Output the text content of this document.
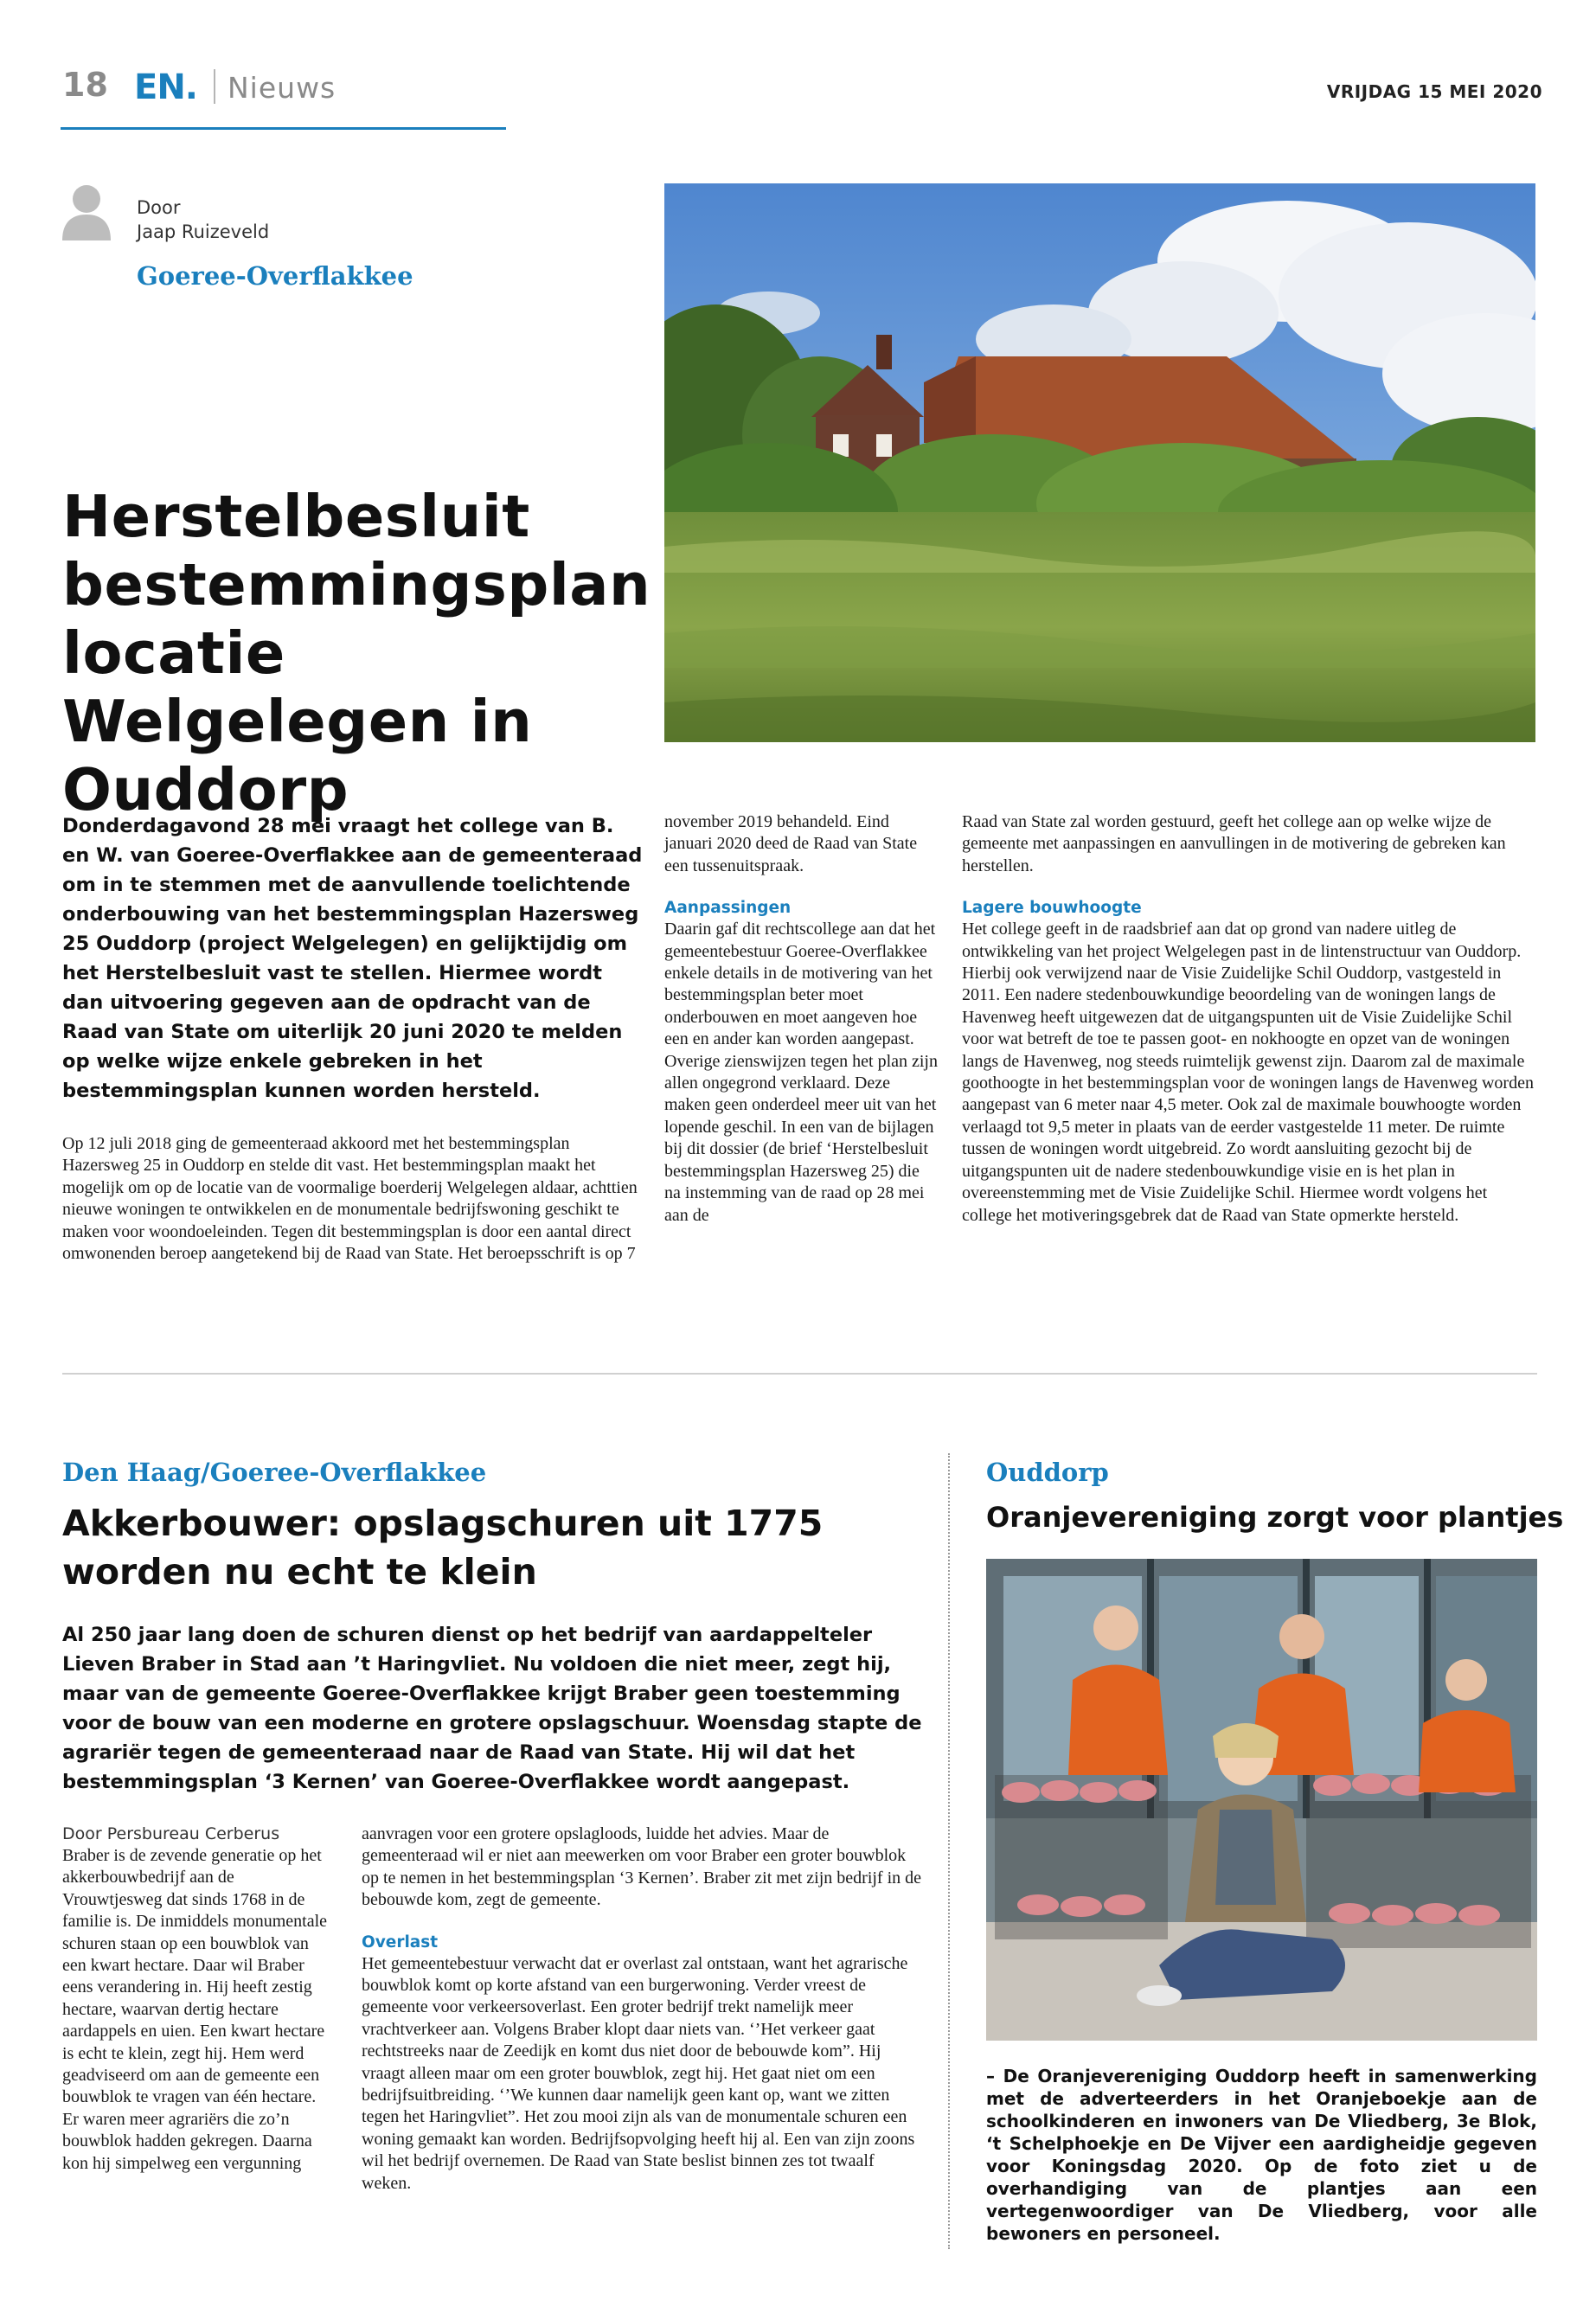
18 EN. Nieuws	VRIJDAG 15 MEI 2020
Door
Jaap Ruizeveld
Goeree-Overflakkee
Herstelbesluit bestemmingsplan locatie Welgelegen in Ouddorp
Donderdagavond 28 mei vraagt het college van B. en W. van Goeree-Overflakkee aan de gemeenteraad om in te stemmen met de aanvullende toelichtende onderbouwing van het bestemmingsplan Hazersweg 25 Ouddorp (project Welgelegen) en gelijktijdig om het Herstelbesluit vast te stellen. Hiermee wordt dan uitvoering gegeven aan de opdracht van de Raad van State om uiterlijk 20 juni 2020 te melden op welke wijze enkele gebreken in het bestemmingsplan kunnen worden hersteld.

Op 12 juli 2018 ging de gemeenteraad akkoord met het bestemmingsplan Hazersweg 25 in Ouddorp en stelde dit vast. Het bestemmingsplan maakt het mogelijk om op de locatie van de voormalige boerderij Welgelegen aldaar, achttien nieuwe woningen te ontwikkelen en de monumentale bedrijfswoning geschikt te maken voor woondoeleinden. Tegen dit bestemmingsplan is door een aantal direct omwonenden beroep aangetekend bij de Raad van State. Het beroepsschrift is op 7

november 2019 behandeld. Eind januari 2020 deed de Raad van State een tussenuitspraak.

Aanpassingen

Daarin gaf dit rechtscollege aan dat het gemeentebestuur Goeree-Overflakkee enkele details in de motivering van het bestemmingsplan beter moet onderbouwen en moet aangeven hoe een en ander kan worden aangepast. Overige zienswijzen tegen het plan zijn allen ongegrond verklaard. Deze maken geen onderdeel meer uit van het lopende geschil. In een van de bijlagen bij dit dossier (de brief ‘Herstelbesluit bestemmingsplan Hazersweg 25) die na instemming van de raad op 28 mei aan de

Raad van State zal worden gestuurd, geeft het college aan op welke wijze de gemeente met aanpassingen en aanvullingen in de motivering de gebreken kan herstellen.

Lagere bouwhoogte

Het college geeft in de raadsbrief aan dat op grond van nadere uitleg de ontwikkeling van het project Welgelegen past in de lintenstructuur van Ouddorp. Hierbij ook verwijzend naar de Visie Zuidelijke Schil Ouddorp, vastgesteld in 2011. Een nadere stedenbouwkundige beoordeling van de woningen langs de Havenweg heeft uitgewezen dat de uitgangspunten uit de Visie Zuidelijke Schil voor wat betreft de toe te passen goot- en nokhoogte en opzet van de woningen langs de Havenweg, nog steeds ruimtelijk gewenst zijn. Daarom zal de maximale goothoogte in het bestemmingsplan voor de woningen langs de Havenweg worden aangepast van 6 meter naar 4,5 meter. Ook zal de maximale bouwhoogte worden verlaagd tot 9,5 meter in plaats van de eerder vastgestelde 11 meter. De ruimte tussen de woningen wordt uitgebreid. Zo wordt aansluiting gezocht bij de uitgangspunten uit de nadere stedenbouwkundige visie en is het plan in overeenstemming met de Visie Zuidelijke Schil. Hiermee wordt volgens het college het motiveringsgebrek dat de Raad van State opmerkte hersteld.

Den Haag/Goeree-Overflakkee
Akkerbouwer: opslagschuren uit 1775 worden nu echt te klein
Al 250 jaar lang doen de schuren dienst op het bedrijf van aardappelteler Lieven Braber in Stad aan ’t Haringvliet. Nu voldoen die niet meer, zegt hij, maar van de gemeente Goeree-Overflakkee krijgt Braber geen toestemming voor de bouw van een moderne en grotere opslagschuur. Woensdag stapte de agrariër tegen de gemeenteraad naar de Raad van State. Hij wil dat het bestemmingsplan ‘3 Kernen’ van Goeree-Overflakkee wordt aangepast.
Door Persbureau Cerberus

Braber is de zevende generatie op het akkerbouwbedrijf aan de Vrouwtjesweg dat sinds 1768 in de familie is. De inmiddels monumentale schuren staan op een bouwblok van een kwart hectare. Daar wil Braber eens verandering in. Hij heeft zestig hectare, waarvan dertig hectare aardappels en uien. Een kwart hectare is echt te klein, zegt hij. Hem werd geadviseerd om aan de gemeente een bouwblok te vragen van één hectare. Er waren meer agrariërs die zo’n bouwblok hadden gekregen. Daarna kon hij simpelweg een vergunning

aanvragen voor een grotere opslagloods, luidde het advies. Maar de gemeenteraad wil er niet aan meewerken om voor Braber een groter bouwblok op te nemen in het bestemmingsplan ‘3 Kernen’. Braber zit met zijn bedrijf in de bebouwde kom, zegt de gemeente.

Overlast

Het gemeentebestuur verwacht dat er overlast zal ontstaan, want het agrarische bouwblok komt op korte afstand van een burgerwoning. Verder vreest de gemeente voor verkeersoverlast. Een groter bedrijf trekt namelijk meer vrachtverkeer aan. Volgens Braber klopt daar niets van. ‘’Het verkeer gaat rechtstreeks naar de Zeedijk en komt dus niet door de bebouwde kom”. Hij vraagt alleen maar om een groter bouwblok, zegt hij. Het gaat niet om een bedrijfsuitbreiding. ‘’We kunnen daar namelijk geen kant op, want we zitten tegen het Haringvliet”. Het zou mooi zijn als van de monumentale schuren een woning gemaakt kan worden. Bedrijfsopvolging heeft hij al. Een van zijn zoons wil het bedrijf overnemen. De Raad van State beslist binnen zes tot twaalf weken.

Ouddorp
Oranjevereniging zorgt voor plantjes
– De Oranjevereniging Ouddorp heeft in samenwerking met de adverteerders in het Oranjeboekje aan de schoolkinderen en inwoners van De Vliedberg, 3e Blok, ‘t Schelphoekje en De Vijver een aardigheidje gegeven voor Koningsdag 2020. Op de foto ziet u de overhandiging van de plantjes aan een vertegenwoordiger van De Vliedberg, voor alle bewoners en personeel.
